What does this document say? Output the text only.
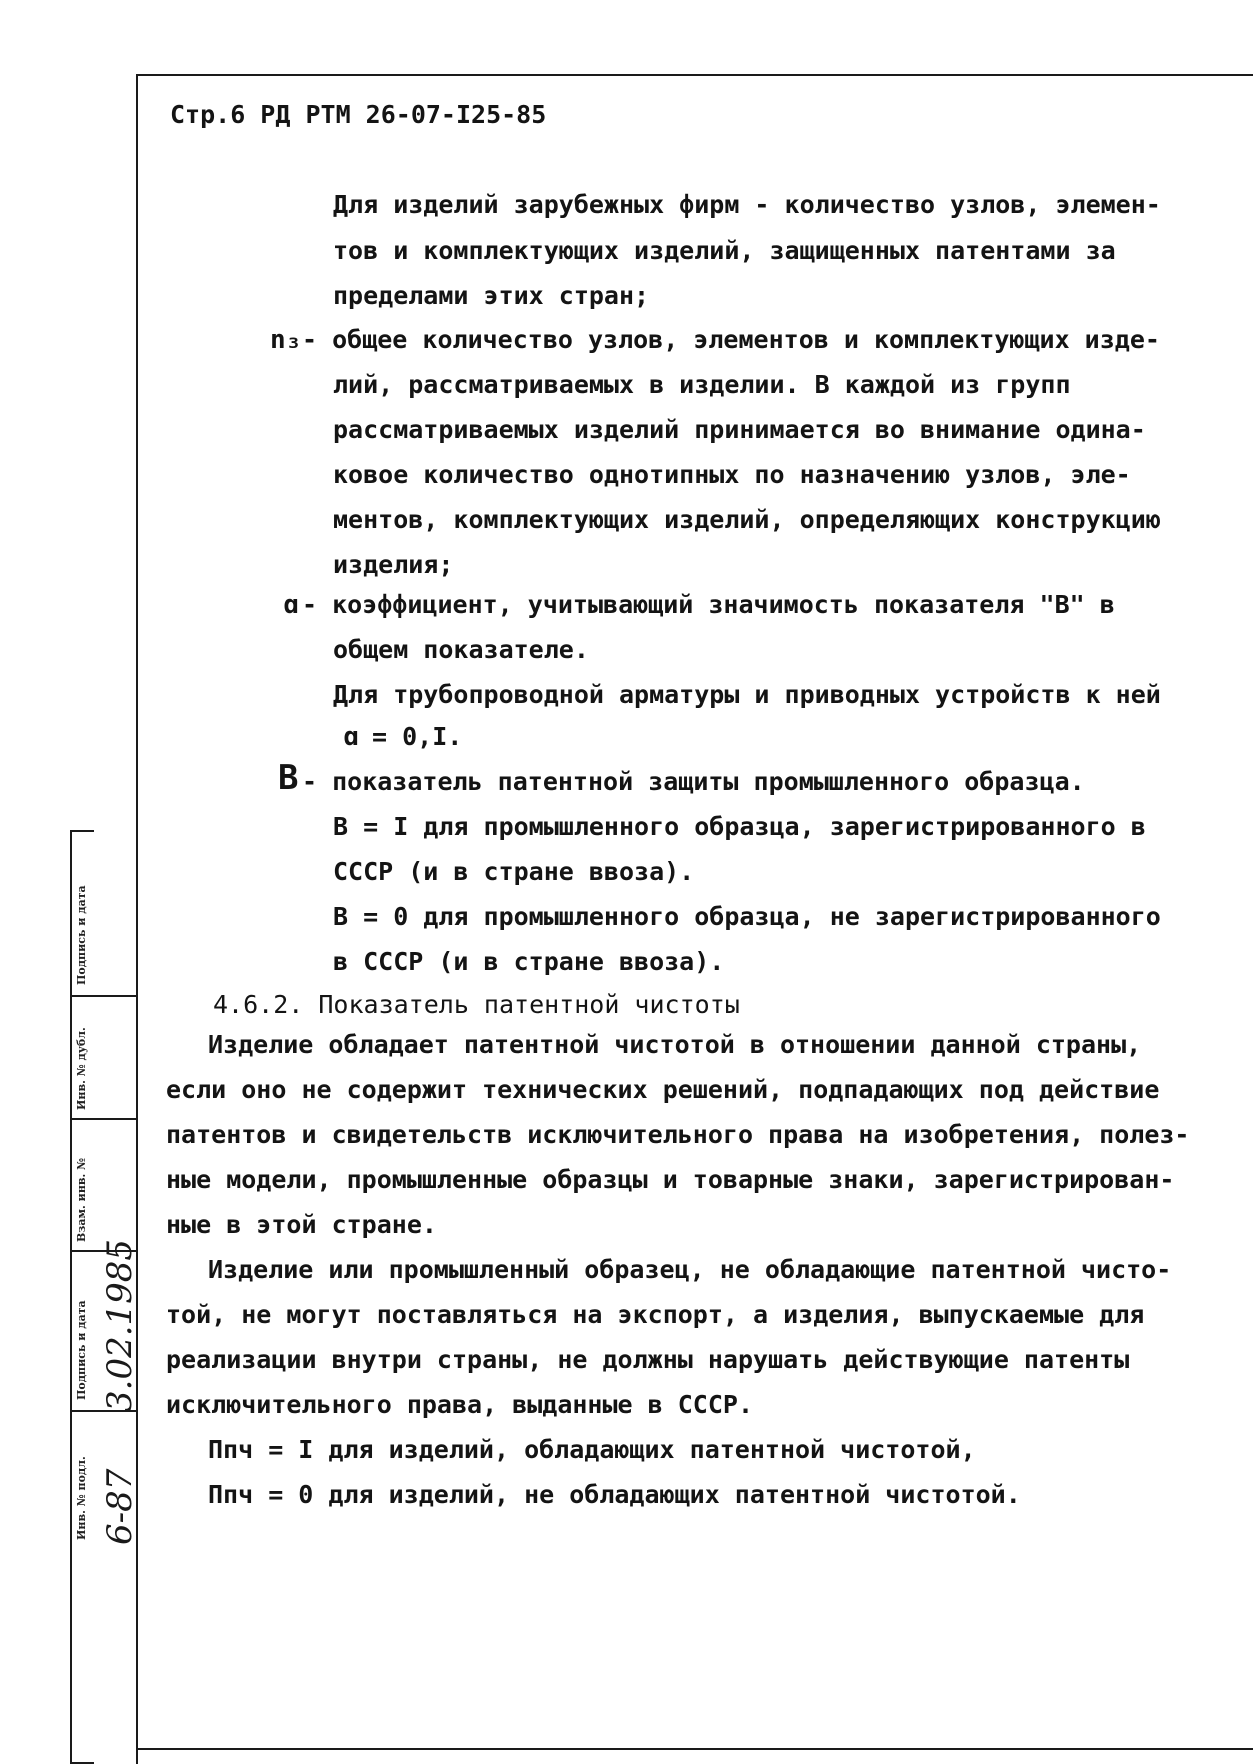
Стр.6 РД РТМ 26-07-I25-85
Для изделий зарубежных фирм - количество узлов, элемен-
тов и комплектующих изделий, защищенных патентами за
пределами этих стран;
n₃ - общее количество узлов, элементов и комплектующих изде-
лий, рассматриваемых в изделии. В каждой из групп
рассматриваемых изделий принимается во внимание одина-
ковое количество однотипных по назначению узлов, эле-
ментов, комплектующих изделий, определяющих конструкцию
изделия;
ɑ - коэффициент, учитывающий значимость показателя "В" в
общем показателе.
Для трубопроводной арматуры и приводных устройств к ней
ɑ = 0,I.
B - показатель патентной защиты промышленного образца.
В = I для промышленного образца, зарегистрированного в
СССР (и в стране ввоза).
В = 0 для промышленного образца, не зарегистрированного
в СССР (и в стране ввоза).
4.6.2. Показатель патентной чистоты
Изделие обладает патентной чистотой в отношении данной страны,
если оно не содержит технических решений, подпадающих под действие
патентов и свидетельств исключительного права на изобретения, полез-
ные модели, промышленные образцы и товарные знаки, зарегистрирован-
ные в этой стране.
Изделие или промышленный образец, не обладающие патентной чисто-
той, не могут поставляться на экспорт, а изделия, выпускаемые для
реализации внутри страны, не должны нарушать действующие патенты
исключительного права, выданные в СССР.
Ппч = I для изделий, обладающих патентной чистотой,
Ппч = 0 для изделий, не обладающих патентной чистотой.
Подпись и дата
Инв. № дубл.
Взам. инв. №
Подпись и дата
Инв. № подл.
3.02.1985
6-87
